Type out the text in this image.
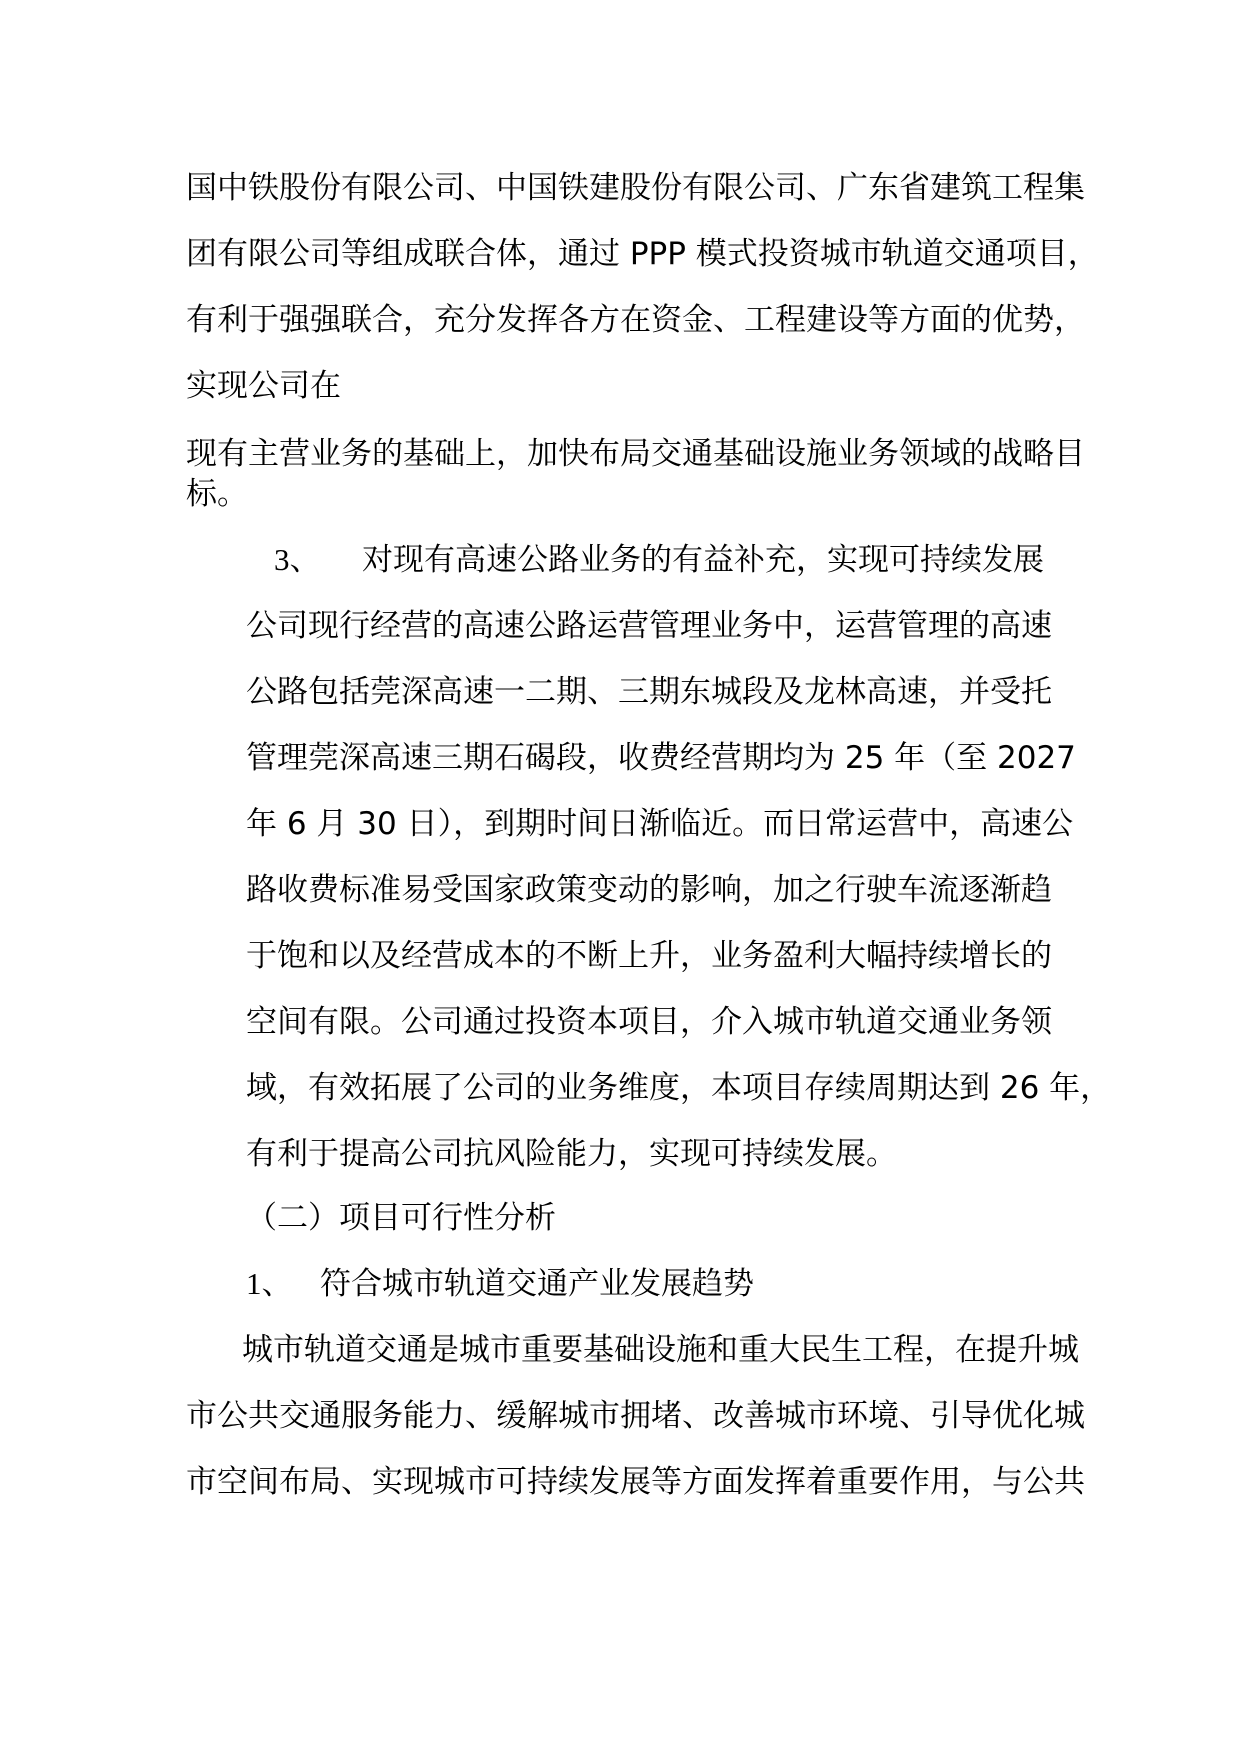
国中铁股份有限公司、中国铁建股份有限公司、广东省建筑工程集
团有限公司等组成联合体，通过 PPP 模式投资城市轨道交通项目，
有利于强强联合，充分发挥各方在资金、工程建设等方面的优势，
实现公司在
现有主营业务的基础上，加快布局交通基础设施业务领域的战略目
标。
3、 对现有高速公路业务的有益补充，实现可持续发展
公司现行经营的高速公路运营管理业务中，运营管理的高速
公路包括莞深高速一二期、三期东城段及龙林高速，并受托
管理莞深高速三期石碣段，收费经营期均为 25 年（至 2027
年 6 月 30 日），到期时间日渐临近。而日常运营中，高速公
路收费标准易受国家政策变动的影响，加之行驶车流逐渐趋
于饱和以及经营成本的不断上升，业务盈利大幅持续增长的
空间有限。公司通过投资本项目，介入城市轨道交通业务领
域，有效拓展了公司的业务维度，本项目存续周期达到 26 年，
有利于提高公司抗风险能力，实现可持续发展。
（二）项目可行性分析
1、 符合城市轨道交通产业发展趋势
城市轨道交通是城市重要基础设施和重大民生工程，在提升城
市公共交通服务能力、缓解城市拥堵、改善城市环境、引导优化城
市空间布局、实现城市可持续发展等方面发挥着重要作用，与公共
